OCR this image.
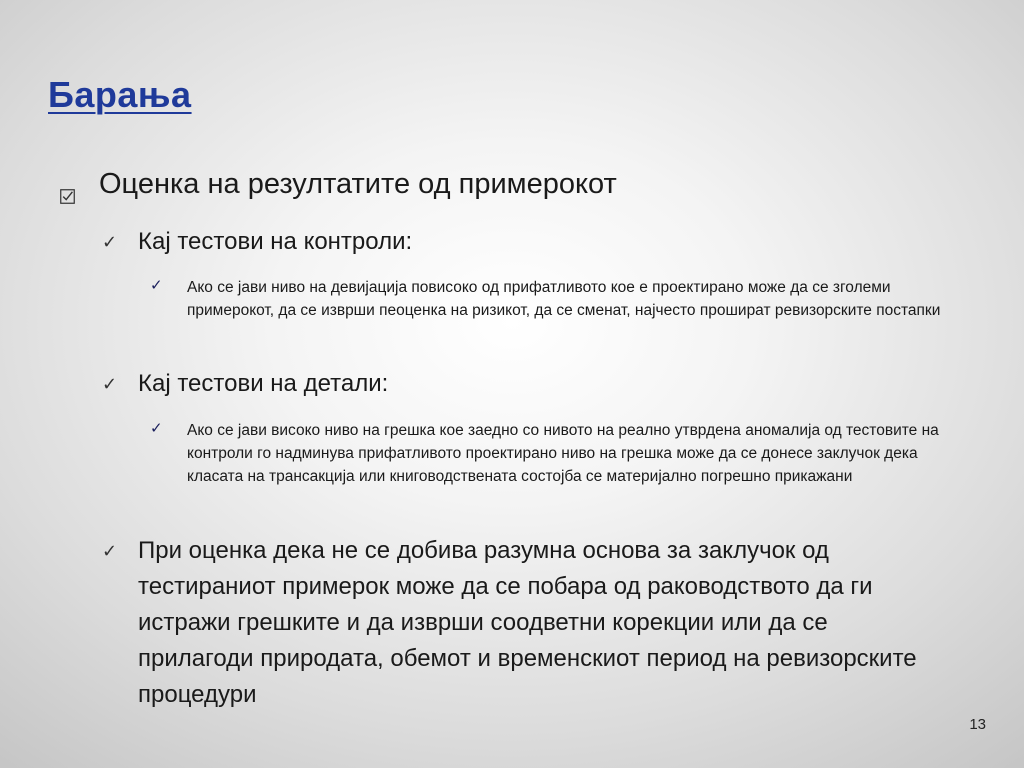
Барања
Оценка на резултатите од примерокот
✓ Кај тестови на контроли:
✓	Ако се јави ниво на девијација повисоко од прифатливото кое е проектирано може да се зголеми примерокот, да се изврши пеоценка на ризикот, да се сменат, најчесто прошират ревизорските постапки
✓ Кај тестови на детали:
✓	Ако се јави високо ниво на грешка кое заедно со нивото на реално утврдена аномалија од тестовите на контроли го надминува прифатливото проектирано ниво на грешка може да се донесе заклучок дека класата на трансакција или книговодствената состојба се материјално погрешно прикажани
✓ При оценка дека не се добива разумна основа за заклучок од тестираниот примерок може да се побара од раководството да ги истражи грешките и да изврши соодветни корекции или да се прилагоди природата, обемот и временскиот период на ревизорските процедури
13
